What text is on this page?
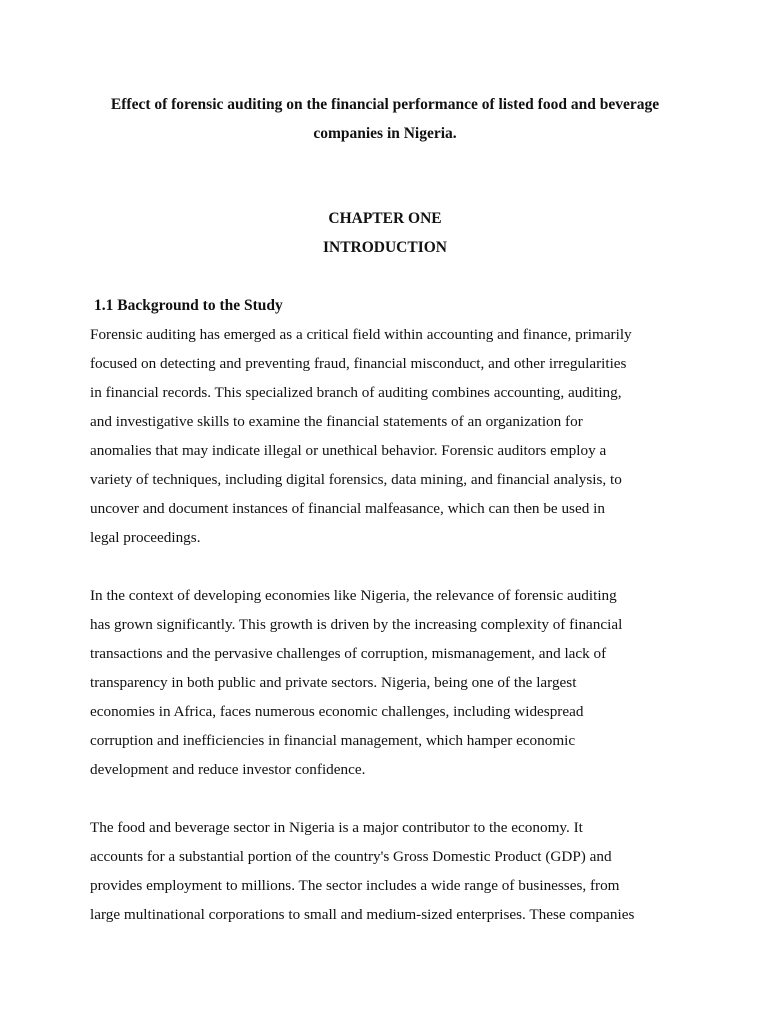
Effect of forensic auditing on the financial performance of listed food and beverage
companies in Nigeria.
CHAPTER ONE
INTRODUCTION
1.1 Background to the Study

Forensic auditing has emerged as a critical field within accounting and finance, primarily
focused on detecting and preventing fraud, financial misconduct, and other irregularities
in financial records. This specialized branch of auditing combines accounting, auditing,
and investigative skills to examine the financial statements of an organization for
anomalies that may indicate illegal or unethical behavior. Forensic auditors employ a
variety of techniques, including digital forensics, data mining, and financial analysis, to
uncover and document instances of financial malfeasance, which can then be used in
legal proceedings.

In the context of developing economies like Nigeria, the relevance of forensic auditing
has grown significantly. This growth is driven by the increasing complexity of financial
transactions and the pervasive challenges of corruption, mismanagement, and lack of
transparency in both public and private sectors. Nigeria, being one of the largest
economies in Africa, faces numerous economic challenges, including widespread
corruption and inefficiencies in financial management, which hamper economic
development and reduce investor confidence.

The food and beverage sector in Nigeria is a major contributor to the economy. It
accounts for a substantial portion of the country's Gross Domestic Product (GDP) and
provides employment to millions. The sector includes a wide range of businesses, from
large multinational corporations to small and medium-sized enterprises. These companies
